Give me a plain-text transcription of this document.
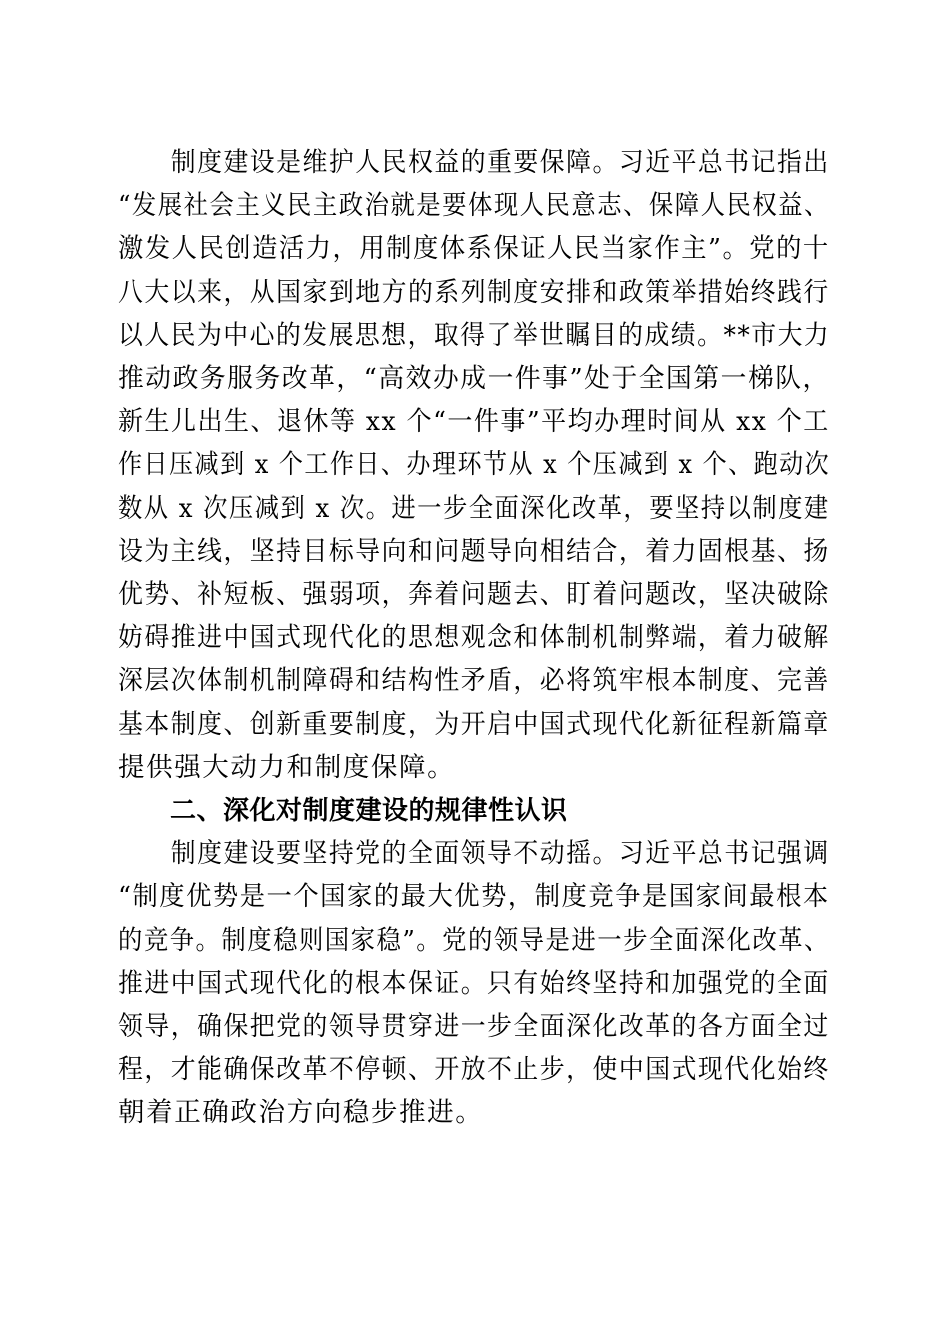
　　制度建设是维护人民权益的重要保障。习近平总书记指出

“发展社会主义民主政治就是要体现人民意志、保障人民权益、

激发人民创造活力，用制度体系保证人民当家作主”。党的十

八大以来，从国家到地方的系列制度安排和政策举措始终践行

以人民为中心的发展思想，取得了举世瞩目的成绩。**市大力

推动政务服务改革，“高效办成一件事”处于全国第一梯队，

新生儿出生、退休等 xx 个“一件事”平均办理时间从 xx 个工

作日压减到 x 个工作日、办理环节从 x 个压减到 x 个、跑动次

数从 x 次压减到 x 次。进一步全面深化改革，要坚持以制度建

设为主线，坚持目标导向和问题导向相结合，着力固根基、扬

优势、补短板、强弱项，奔着问题去、盯着问题改，坚决破除

妨碍推进中国式现代化的思想观念和体制机制弊端，着力破解

深层次体制机制障碍和结构性矛盾，必将筑牢根本制度、完善

基本制度、创新重要制度，为开启中国式现代化新征程新篇章

提供强大动力和制度保障。

二、深化对制度建设的规律性认识

　　制度建设要坚持党的全面领导不动摇。习近平总书记强调

“制度优势是一个国家的最大优势，制度竞争是国家间最根本

的竞争。制度稳则国家稳”。党的领导是进一步全面深化改革、

推进中国式现代化的根本保证。只有始终坚持和加强党的全面

领导，确保把党的领导贯穿进一步全面深化改革的各方面全过

程，才能确保改革不停顿、开放不止步，使中国式现代化始终

朝着正确政治方向稳步推进。
